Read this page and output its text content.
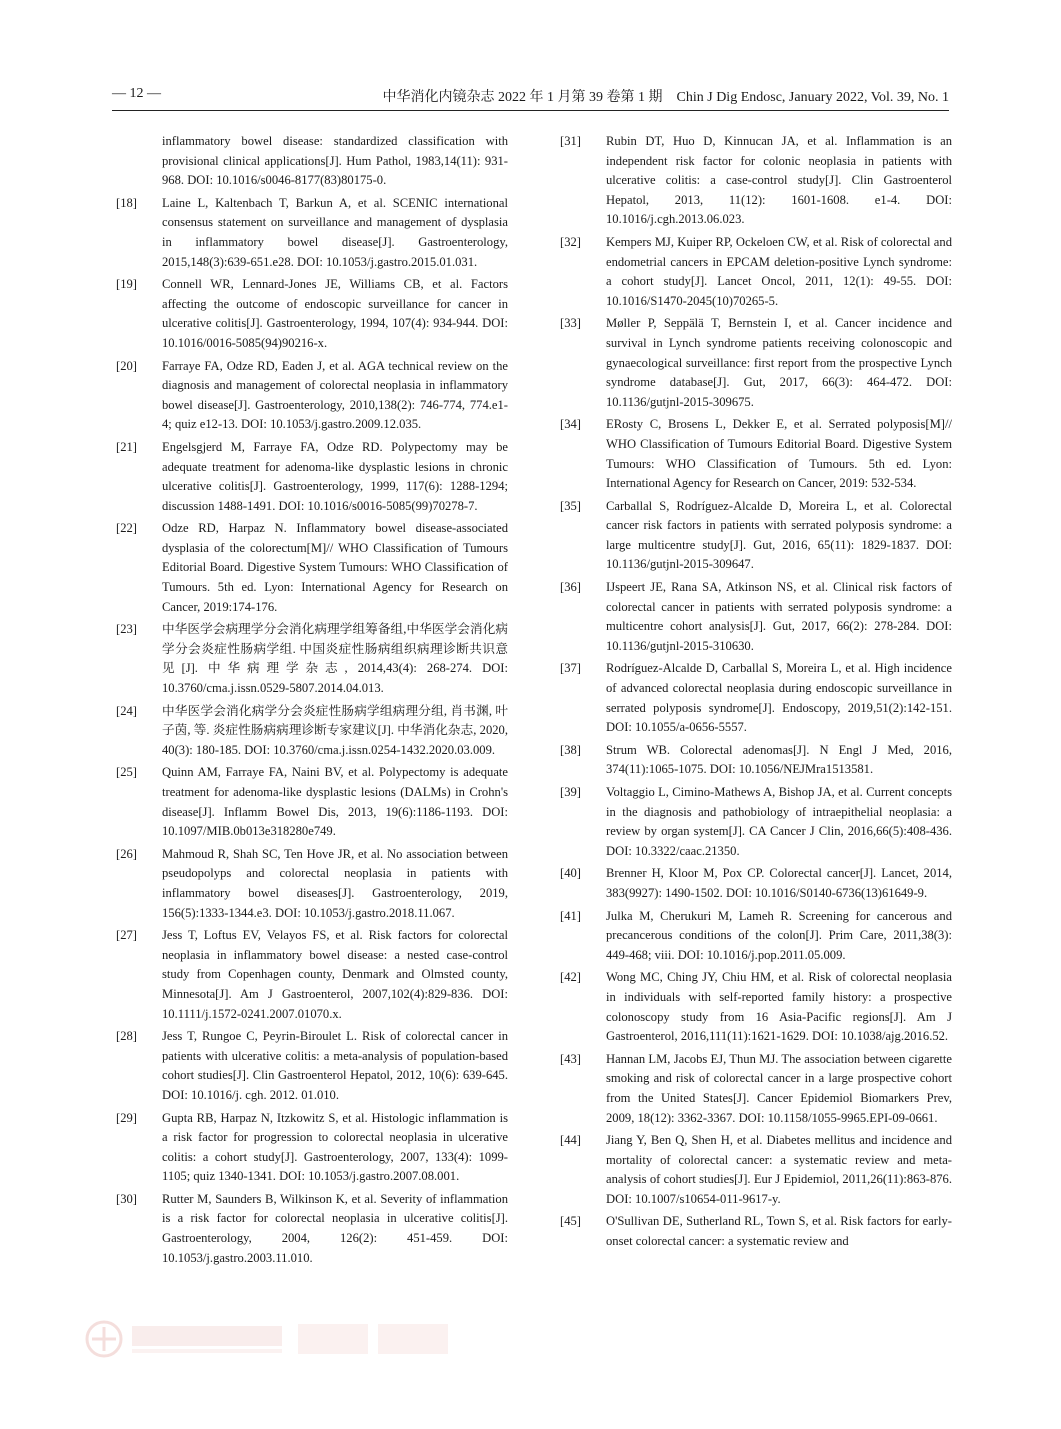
— 12 —	中华消化内镜杂志 2022 年 1 月第 39 卷第 1 期　Chin J Dig Endosc, January 2022, Vol. 39, No. 1
inflammatory bowel disease: standardized classification with provisional clinical applications[J]. Hum Pathol, 1983,14(11): 931-968. DOI: 10.1016/s0046-8177(83)80175-0.
[18] Laine L, Kaltenbach T, Barkun A, et al. SCENIC international consensus statement on surveillance and management of dysplasia in inflammatory bowel disease[J]. Gastroenterology, 2015,148(3):639-651.e28. DOI: 10.1053/j.gastro.2015.01.031.
[19] Connell WR, Lennard-Jones JE, Williams CB, et al. Factors affecting the outcome of endoscopic surveillance for cancer in ulcerative colitis[J]. Gastroenterology, 1994, 107(4): 934-944. DOI: 10.1016/0016-5085(94)90216-x.
[20] Farraye FA, Odze RD, Eaden J, et al. AGA technical review on the diagnosis and management of colorectal neoplasia in inflammatory bowel disease[J]. Gastroenterology, 2010,138(2): 746-774, 774.e1-4; quiz e12-13. DOI: 10.1053/j.gastro.2009.12.035.
[21] Engelsgjerd M, Farraye FA, Odze RD. Polypectomy may be adequate treatment for adenoma-like dysplastic lesions in chronic ulcerative colitis[J]. Gastroenterology, 1999, 117(6): 1288-1294; discussion 1488-1491. DOI: 10.1016/s0016-5085(99)70278-7.
[22] Odze RD, Harpaz N. Inflammatory bowel disease-associated dysplasia of the colorectum[M]// WHO Classification of Tumours Editorial Board. Digestive System Tumours: WHO Classification of Tumours. 5th ed. Lyon: International Agency for Research on Cancer, 2019:174-176.
[23] 中华医学会病理学分会消化病理学组筹备组,中华医学会消化病学分会炎症性肠病学组. 中国炎症性肠病组织病理诊断共识意见[J]. 中华病理学杂志, 2014,43(4): 268-274. DOI: 10.3760/cma.j.issn.0529-5807.2014.04.013.
[24] 中华医学会消化病学分会炎症性肠病学组病理分组, 肖书渊, 叶子茵, 等. 炎症性肠病病理诊断专家建议[J]. 中华消化杂志, 2020, 40(3): 180-185. DOI: 10.3760/cma.j.issn.0254-1432.2020.03.009.
[25] Quinn AM, Farraye FA, Naini BV, et al. Polypectomy is adequate treatment for adenoma-like dysplastic lesions (DALMs) in Crohn's disease[J]. Inflamm Bowel Dis, 2013, 19(6):1186-1193. DOI: 10.1097/MIB.0b013e318280e749.
[26] Mahmoud R, Shah SC, Ten Hove JR, et al. No association between pseudopolyps and colorectal neoplasia in patients with inflammatory bowel diseases[J]. Gastroenterology, 2019, 156(5):1333-1344.e3. DOI: 10.1053/j.gastro.2018.11.067.
[27] Jess T, Loftus EV, Velayos FS, et al. Risk factors for colorectal neoplasia in inflammatory bowel disease: a nested case-control study from Copenhagen county, Denmark and Olmsted county, Minnesota[J]. Am J Gastroenterol, 2007,102(4):829-836. DOI: 10.1111/j.1572-0241.2007.01070.x.
[28] Jess T, Rungoe C, Peyrin-Biroulet L. Risk of colorectal cancer in patients with ulcerative colitis: a meta-analysis of population-based cohort studies[J]. Clin Gastroenterol Hepatol, 2012, 10(6): 639-645. DOI: 10.1016/j. cgh. 2012. 01.010.
[29] Gupta RB, Harpaz N, Itzkowitz S, et al. Histologic inflammation is a risk factor for progression to colorectal neoplasia in ulcerative colitis: a cohort study[J]. Gastroenterology, 2007, 133(4): 1099-1105; quiz 1340-1341. DOI: 10.1053/j.gastro.2007.08.001.
[30] Rutter M, Saunders B, Wilkinson K, et al. Severity of inflammation is a risk factor for colorectal neoplasia in ulcerative colitis[J]. Gastroenterology, 2004, 126(2): 451-459. DOI: 10.1053/j.gastro.2003.11.010.
[31] Rubin DT, Huo D, Kinnucan JA, et al. Inflammation is an independent risk factor for colonic neoplasia in patients with ulcerative colitis: a case-control study[J]. Clin Gastroenterol Hepatol, 2013, 11(12): 1601-1608. e1-4. DOI: 10.1016/j.cgh.2013.06.023.
[32] Kempers MJ, Kuiper RP, Ockeloen CW, et al. Risk of colorectal and endometrial cancers in EPCAM deletion-positive Lynch syndrome: a cohort study[J]. Lancet Oncol, 2011, 12(1): 49-55. DOI: 10.1016/S1470-2045(10)70265-5.
[33] Møller P, Seppälä T, Bernstein I, et al. Cancer incidence and survival in Lynch syndrome patients receiving colonoscopic and gynaecological surveillance: first report from the prospective Lynch syndrome database[J]. Gut, 2017, 66(3): 464-472. DOI: 10.1136/gutjnl-2015-309675.
[34] ERosty C, Brosens L, Dekker E, et al. Serrated polyposis[M]// WHO Classification of Tumours Editorial Board. Digestive System Tumours: WHO Classification of Tumours. 5th ed. Lyon: International Agency for Research on Cancer, 2019: 532-534.
[35] Carballal S, Rodríguez-Alcalde D, Moreira L, et al. Colorectal cancer risk factors in patients with serrated polyposis syndrome: a large multicentre study[J]. Gut, 2016, 65(11): 1829-1837. DOI: 10.1136/gutjnl-2015-309647.
[36] IJspeert JE, Rana SA, Atkinson NS, et al. Clinical risk factors of colorectal cancer in patients with serrated polyposis syndrome: a multicentre cohort analysis[J]. Gut, 2017, 66(2): 278-284. DOI: 10.1136/gutjnl-2015-310630.
[37] Rodríguez-Alcalde D, Carballal S, Moreira L, et al. High incidence of advanced colorectal neoplasia during endoscopic surveillance in serrated polyposis syndrome[J]. Endoscopy, 2019,51(2):142-151. DOI: 10.1055/a-0656-5557.
[38] Strum WB. Colorectal adenomas[J]. N Engl J Med, 2016, 374(11):1065-1075. DOI: 10.1056/NEJMra1513581.
[39] Voltaggio L, Cimino-Mathews A, Bishop JA, et al. Current concepts in the diagnosis and pathobiology of intraepithelial neoplasia: a review by organ system[J]. CA Cancer J Clin, 2016,66(5):408-436. DOI: 10.3322/caac.21350.
[40] Brenner H, Kloor M, Pox CP. Colorectal cancer[J]. Lancet, 2014, 383(9927): 1490-1502. DOI: 10.1016/S0140-6736(13)61649-9.
[41] Julka M, Cherukuri M, Lameh R. Screening for cancerous and precancerous conditions of the colon[J]. Prim Care, 2011,38(3): 449-468; viii. DOI: 10.1016/j.pop.2011.05.009.
[42] Wong MC, Ching JY, Chiu HM, et al. Risk of colorectal neoplasia in individuals with self-reported family history: a prospective colonoscopy study from 16 Asia-Pacific regions[J]. Am J Gastroenterol, 2016,111(11):1621-1629. DOI: 10.1038/ajg.2016.52.
[43] Hannan LM, Jacobs EJ, Thun MJ. The association between cigarette smoking and risk of colorectal cancer in a large prospective cohort from the United States[J]. Cancer Epidemiol Biomarkers Prev, 2009, 18(12): 3362-3367. DOI: 10.1158/1055-9965.EPI-09-0661.
[44] Jiang Y, Ben Q, Shen H, et al. Diabetes mellitus and incidence and mortality of colorectal cancer: a systematic review and meta-analysis of cohort studies[J]. Eur J Epidemiol, 2011,26(11):863-876. DOI: 10.1007/s10654-011-9617-y.
[45] O'Sullivan DE, Sutherland RL, Town S, et al. Risk factors for early-onset colorectal cancer: a systematic review and
